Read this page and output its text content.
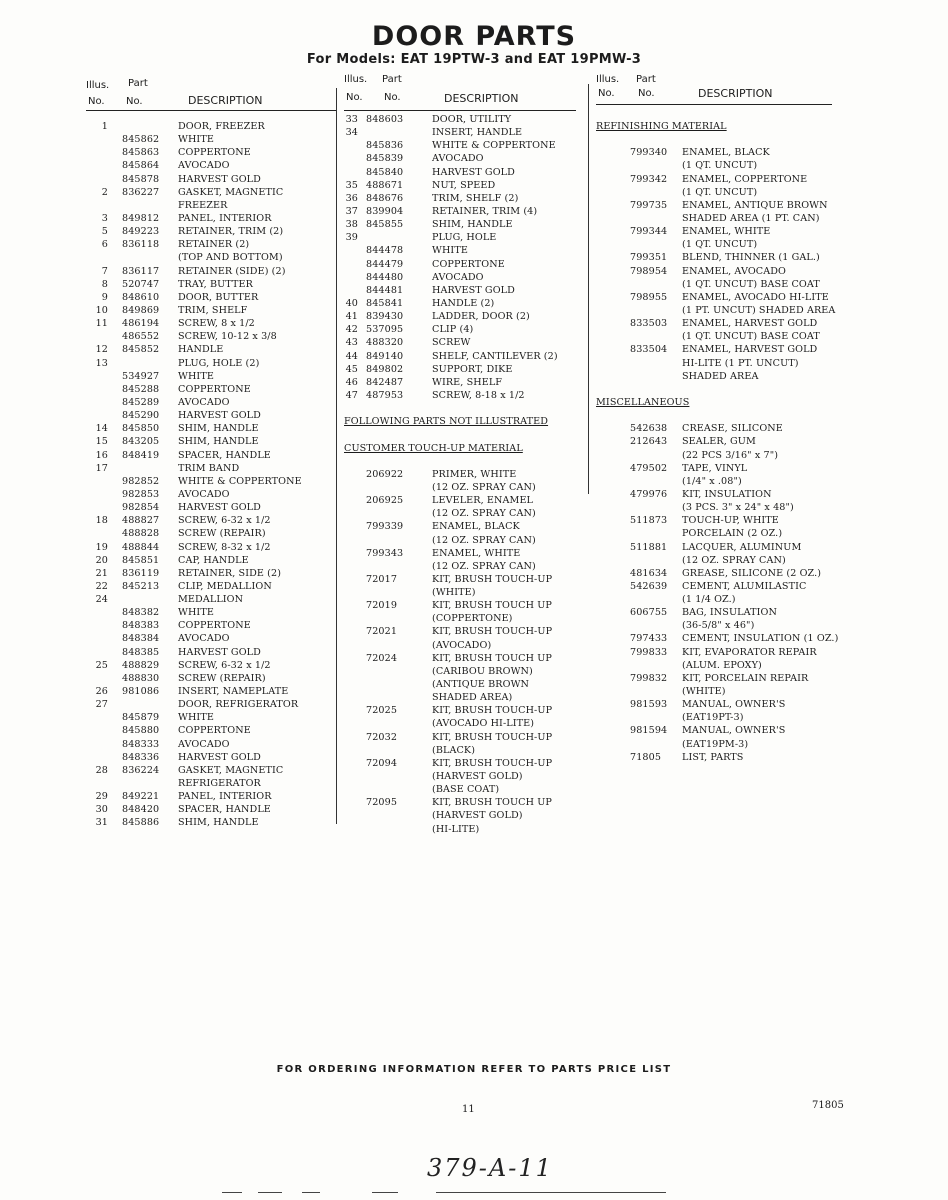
DOOR PARTS
For Models: EAT 19PTW-3 and EAT 19PMW-3
Illus. Part
No. No.	DESCRIPTION
1	DOOR, FREEZER
845862 WHITE
845863 COPPERTONE
845864 AVOCADO
845878 HARVEST GOLD
2 836227 GASKET, MAGNETIC
FREEZER
3 849812 PANEL, INTERIOR
5 849223 RETAINER, TRIM (2)
6 836118 RETAINER (2)
(TOP AND BOTTOM)
7 836117 RETAINER (SIDE) (2)
8 520747 TRAY, BUTTER
9 848610 DOOR, BUTTER
10 849869 TRIM, SHELF
11 486194 SCREW, 8 x 1/2
486552 SCREW, 10-12 x 3/8
12 845852 HANDLE
13	PLUG, HOLE (2)
534927 WHITE
845288 COPPERTONE
845289 AVOCADO
845290 HARVEST GOLD
14 845850 SHIM, HANDLE
15 843205 SHIM, HANDLE
16 848419 SPACER, HANDLE
17	TRIM BAND
982852 WHITE & COPPERTONE
982853 AVOCADO
982854 HARVEST GOLD
18 488827 SCREW, 6-32 x 1/2
488828 SCREW (REPAIR)
19 488844 SCREW, 8-32 x 1/2
20 845851 CAP, HANDLE
21 836119 RETAINER, SIDE (2)
22 845213 CLIP, MEDALLION
24	MEDALLION
848382 WHITE
848383 COPPERTONE
848384 AVOCADO
848385 HARVEST GOLD
25 488829 SCREW, 6-32 x 1/2
488830 SCREW (REPAIR)
26 981086 INSERT, NAMEPLATE
27	DOOR, REFRIGERATOR
845879 WHITE
845880 COPPERTONE
848333 AVOCADO
848336 HARVEST GOLD
28 836224 GASKET, MAGNETIC
REFRIGERATOR
29 849221 PANEL, INTERIOR
30 848420 SPACER, HANDLE
31 845886 SHIM, HANDLE
Illus. Part
No. No.	DESCRIPTION
33 848603	DOOR, UTILITY
34	INSERT, HANDLE
845836	WHITE & COPPERTONE
845839	AVOCADO
845840	HARVEST GOLD
35 488671	NUT, SPEED
36 848676	TRIM, SHELF (2)
37 839904	RETAINER, TRIM (4)
38 845855	SHIM, HANDLE
39	PLUG, HOLE
844478	WHITE
844479	COPPERTONE
844480	AVOCADO
844481	HARVEST GOLD
40 845841	HANDLE (2)
41 839430	LADDER, DOOR (2)
42 537095	CLIP (4)
43 488320	SCREW
44 849140	SHELF, CANTILEVER (2)
45 849802	SUPPORT, DIKE
46 842487	WIRE, SHELF
47 487953	SCREW, 8-18 x 1/2
FOLLOWING PARTS NOT ILLUSTRATED
CUSTOMER TOUCH-UP MATERIAL
206922	PRIMER, WHITE
(12 OZ. SPRAY CAN)
206925	LEVELER, ENAMEL
(12 OZ. SPRAY CAN)
799339	ENAMEL, BLACK
(12 OZ. SPRAY CAN)
799343	ENAMEL, WHITE
(12 OZ. SPRAY CAN)
72017	KIT, BRUSH TOUCH-UP
(WHITE)
72019	KIT, BRUSH TOUCH UP
(COPPERTONE)
72021	KIT, BRUSH TOUCH-UP
(AVOCADO)
72024	KIT, BRUSH TOUCH UP
(CARIBOU BROWN)
(ANTIQUE BROWN
SHADED AREA)
72025	KIT, BRUSH TOUCH-UP
(AVOCADO HI-LITE)
72032	KIT, BRUSH TOUCH-UP
(BLACK)
72094	KIT, BRUSH TOUCH-UP
(HARVEST GOLD)
(BASE COAT)
72095	KIT, BRUSH TOUCH UP
(HARVEST GOLD)
(HI-LITE)
Illus. Part
No. No.	DESCRIPTION
REFINISHING MATERIAL
799340 ENAMEL, BLACK
(1 QT. UNCUT)
799342 ENAMEL, COPPERTONE
(1 QT. UNCUT)
799735 ENAMEL, ANTIQUE BROWN
SHADED AREA (1 PT. CAN)
799344 ENAMEL, WHITE
(1 QT. UNCUT)
799351 BLEND, THINNER (1 GAL.)
798954 ENAMEL, AVOCADO
(1 QT. UNCUT) BASE COAT
798955 ENAMEL, AVOCADO HI-LITE
(1 PT. UNCUT) SHADED AREA
833503 ENAMEL, HARVEST GOLD
(1 QT. UNCUT) BASE COAT
833504 ENAMEL, HARVEST GOLD
HI-LITE (1 PT. UNCUT)
SHADED AREA
MISCELLANEOUS
542638 CREASE, SILICONE
212643 SEALER, GUM
(22 PCS 3/16" x 7")
479502 TAPE, VINYL
(1/4" x .08")
479976 KIT, INSULATION
(3 PCS. 3" x 24" x 48")
511873 TOUCH-UP, WHITE
PORCELAIN (2 OZ.)
511881 LACQUER, ALUMINUM
(12 OZ. SPRAY CAN)
481634 GREASE, SILICONE (2 OZ.)
542639 CEMENT, ALUMILASTIC
(1 1/4 OZ.)
606755 BAG, INSULATION
(36-5/8" x 46")
797433 CEMENT, INSULATION (1 OZ.)
799833 KIT, EVAPORATOR REPAIR
(ALUM. EPOXY)
799832 KIT, PORCELAIN REPAIR
(WHITE)
981593 MANUAL, OWNER'S
(EAT19PT-3)
981594 MANUAL, OWNER'S
(EAT19PM-3)
71805 LIST, PARTS
FOR ORDERING INFORMATION REFER TO PARTS PRICE LIST
11	71805
379-A-11
